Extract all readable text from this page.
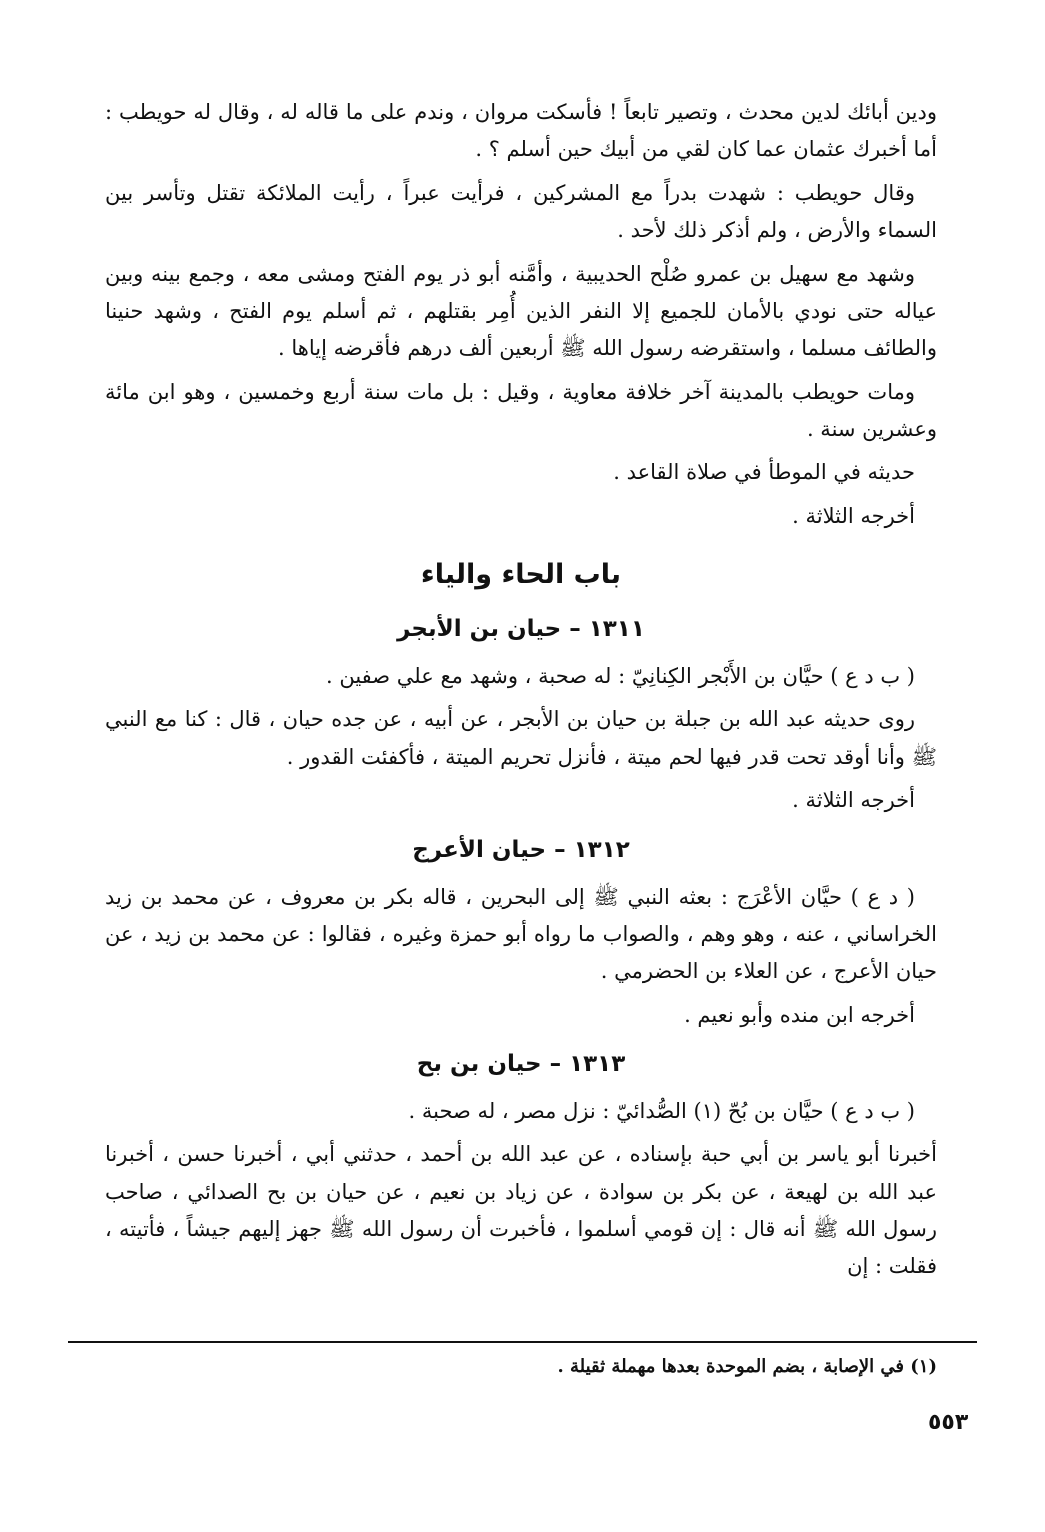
ودين أبائك لدين محدث ، وتصير تابعاً ! فأسكت مروان ، وندم على ما قاله له ، وقال له حويطب : أما أخبرك عثمان عما كان لقي من أبيك حين أسلم ؟ .

وقال حويطب : شهدت بدراً مع المشركين ، فرأيت عبراً ، رأيت الملائكة تقتل وتأسر بين السماء والأرض ، ولم أذكر ذلك لأحد .

وشهد مع سهيل بن عمرو صُلْح الحديبية ، وأمَّنه أبو ذر يوم الفتح ومشى معه ، وجمع بينه وبين عياله حتى نودي بالأمان للجميع إلا النفر الذين أُمِر بقتلهم ، ثم أسلم يوم الفتح ، وشهد حنينا والطائف مسلما ، واستقرضه رسول الله ﷺ أربعين ألف درهم فأقرضه إياها .

ومات حويطب بالمدينة آخر خلافة معاوية ، وقيل : بل مات سنة أربع وخمسين ، وهو ابن مائة وعشرين سنة .

حديثه في الموطأ في صلاة القاعد .

أخرجه الثلاثة .

باب الحاء والياء
١٣١١ – حيان بن الأبجر

( ب د ع ) حيَّان بن الأَبْجر الكِنانِيّ : له صحبة ، وشهد مع علي صفين .

روى حديثه عبد الله بن جبلة بن حيان بن الأبجر ، عن أبيه ، عن جده حيان ، قال : كنا مع النبي ﷺ وأنا أوقد تحت قدر فيها لحم ميتة ، فأنزل تحريم الميتة ، فأكفئت القدور .

أخرجه الثلاثة .

١٣١٢ – حيان الأعرج

( د ع ) حيَّان الأعْرَج : بعثه النبي ﷺ إلى البحرين ، قاله بكر بن معروف ، عن محمد بن زيد الخراساني ، عنه ، وهو وهم ، والصواب ما رواه أبو حمزة وغيره ، فقالوا : عن محمد بن زيد ، عن حيان الأعرج ، عن العلاء بن الحضرمي .

أخرجه ابن منده وأبو نعيم .

١٣١٣ – حيان بن بح

( ب د ع ) حيَّان بن بُحّ (١) الصُّدائيّ : نزل مصر ، له صحبة .

أخبرنا أبو ياسر بن أبي حبة بإسناده ، عن عبد الله بن أحمد ، حدثني أبي ، أخبرنا حسن ، أخبرنا عبد الله بن لهيعة ، عن بكر بن سوادة ، عن زياد بن نعيم ، عن حيان بن بح الصدائي ، صاحب رسول الله ﷺ أنه قال : إن قومي أسلموا ، فأخبرت أن رسول الله ﷺ جهز إليهم جيشاً ، فأتيته ، فقلت : إن

(١) في الإصابة ، بضم الموحدة بعدها مهملة ثقيلة .

٥٥٣
